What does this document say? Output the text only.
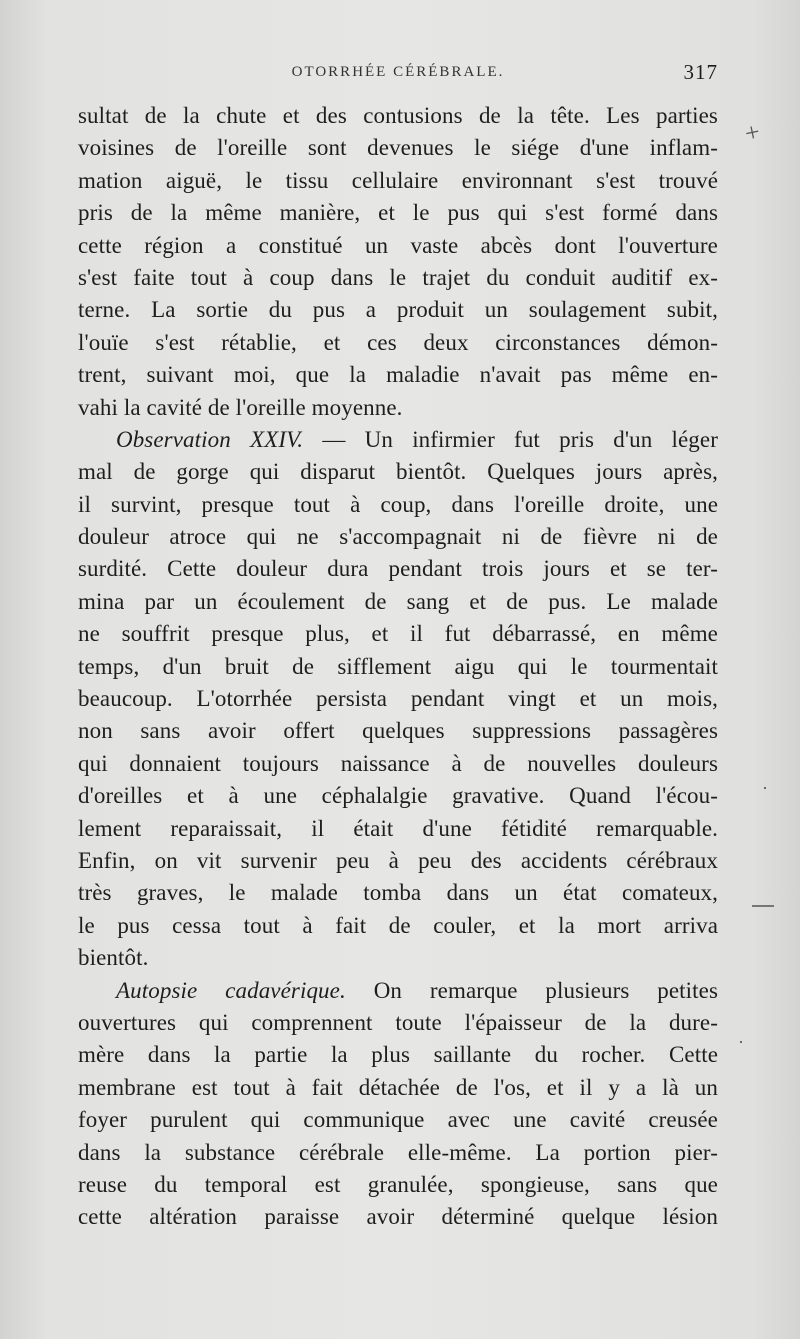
OTORRHÉE CÉRÉBRALE.	317
sultat de la chute et des contusions de la tête. Les parties
voisines de l'oreille sont devenues le siége d'une inflam-
mation aiguë, le tissu cellulaire environnant s'est trouvé
pris de la même manière, et le pus qui s'est formé dans
cette région a constitué un vaste abcès dont l'ouverture
s'est faite tout à coup dans le trajet du conduit auditif ex-
terne. La sortie du pus a produit un soulagement subit,
l'ouïe s'est rétablie, et ces deux circonstances démon-
trent, suivant moi, que la maladie n'avait pas même en-
vahi la cavité de l'oreille moyenne.
Observation XXIV. — Un infirmier fut pris d'un léger
mal de gorge qui disparut bientôt. Quelques jours après,
il survint, presque tout à coup, dans l'oreille droite, une
douleur atroce qui ne s'accompagnait ni de fièvre ni de
surdité. Cette douleur dura pendant trois jours et se ter-
mina par un écoulement de sang et de pus. Le malade
ne souffrit presque plus, et il fut débarrassé, en même
temps, d'un bruit de sifflement aigu qui le tourmentait
beaucoup. L'otorrhée persista pendant vingt et un mois,
non sans avoir offert quelques suppressions passagères
qui donnaient toujours naissance à de nouvelles douleurs
d'oreilles et à une céphalalgie gravative. Quand l'écou-
lement reparaissait, il était d'une fétidité remarquable.
Enfin, on vit survenir peu à peu des accidents cérébraux
très graves, le malade tomba dans un état comateux,
le pus cessa tout à fait de couler, et la mort arriva
bientôt.
Autopsie cadavérique. On remarque plusieurs petites
ouvertures qui comprennent toute l'épaisseur de la dure-
mère dans la partie la plus saillante du rocher. Cette
membrane est tout à fait détachée de l'os, et il y a là un
foyer purulent qui communique avec une cavité creusée
dans la substance cérébrale elle-même. La portion pier-
reuse du temporal est granulée, spongieuse, sans que
cette altération paraisse avoir déterminé quelque lésion
+
·
·
